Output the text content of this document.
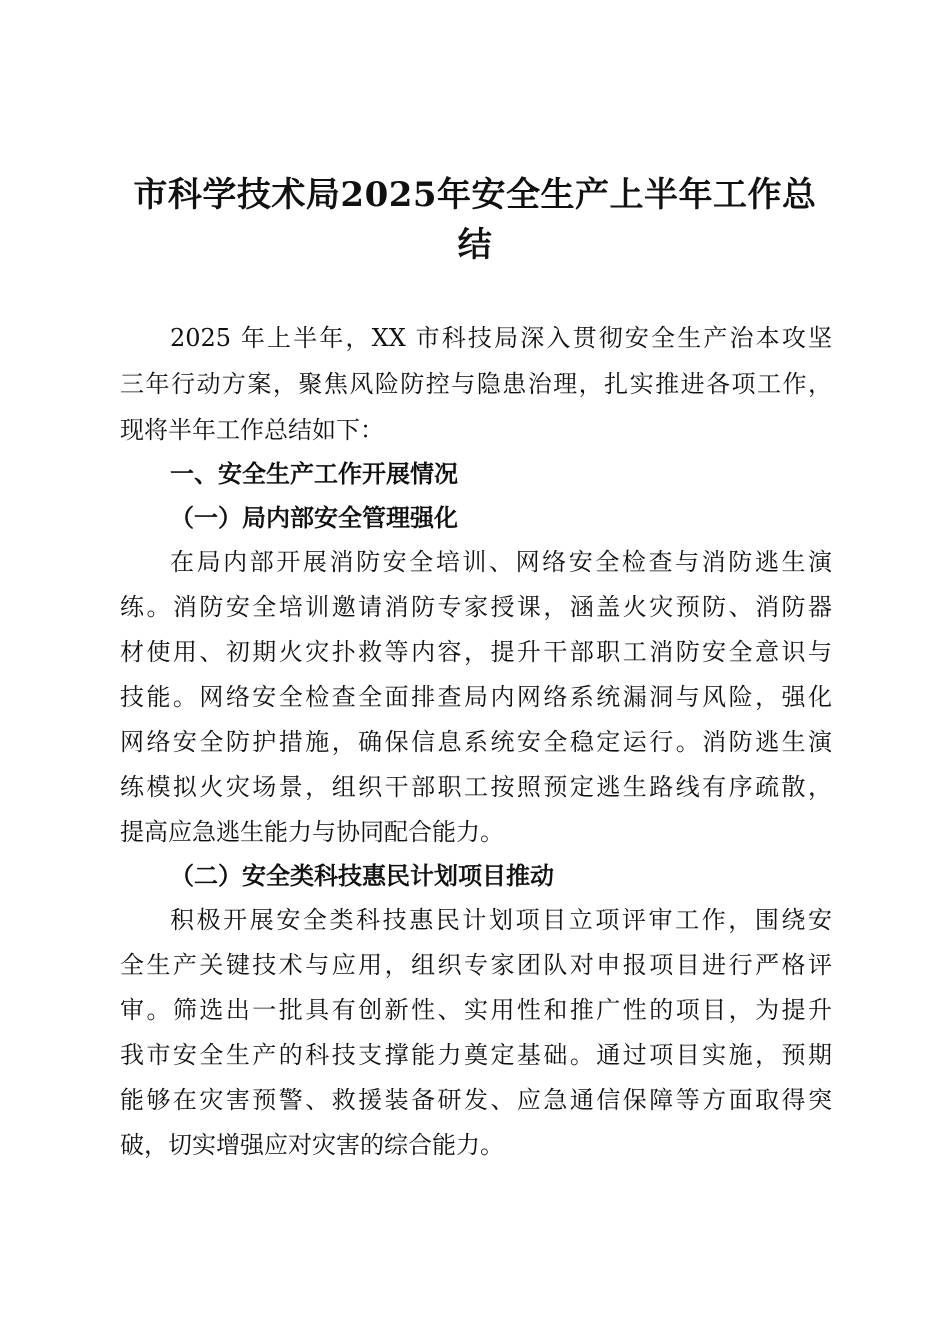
市科学技术局2025年安全生产上半年工作总
结
2025 年上半年，XX 市科技局深入贯彻安全生产治本攻坚
三年行动方案，聚焦风险防控与隐患治理，扎实推进各项工作，
现将半年工作总结如下：
一、安全生产工作开展情况
（一）局内部安全管理强化
在局内部开展消防安全培训、网络安全检查与消防逃生演
练。消防安全培训邀请消防专家授课，涵盖火灾预防、消防器
材使用、初期火灾扑救等内容，提升干部职工消防安全意识与
技能。网络安全检查全面排查局内网络系统漏洞与风险，强化
网络安全防护措施，确保信息系统安全稳定运行。消防逃生演
练模拟火灾场景，组织干部职工按照预定逃生路线有序疏散，
提高应急逃生能力与协同配合能力。
（二）安全类科技惠民计划项目推动
积极开展安全类科技惠民计划项目立项评审工作，围绕安
全生产关键技术与应用，组织专家团队对申报项目进行严格评
审。筛选出一批具有创新性、实用性和推广性的项目，为提升
我市安全生产的科技支撑能力奠定基础。通过项目实施，预期
能够在灾害预警、救援装备研发、应急通信保障等方面取得突
破，切实增强应对灾害的综合能力。
